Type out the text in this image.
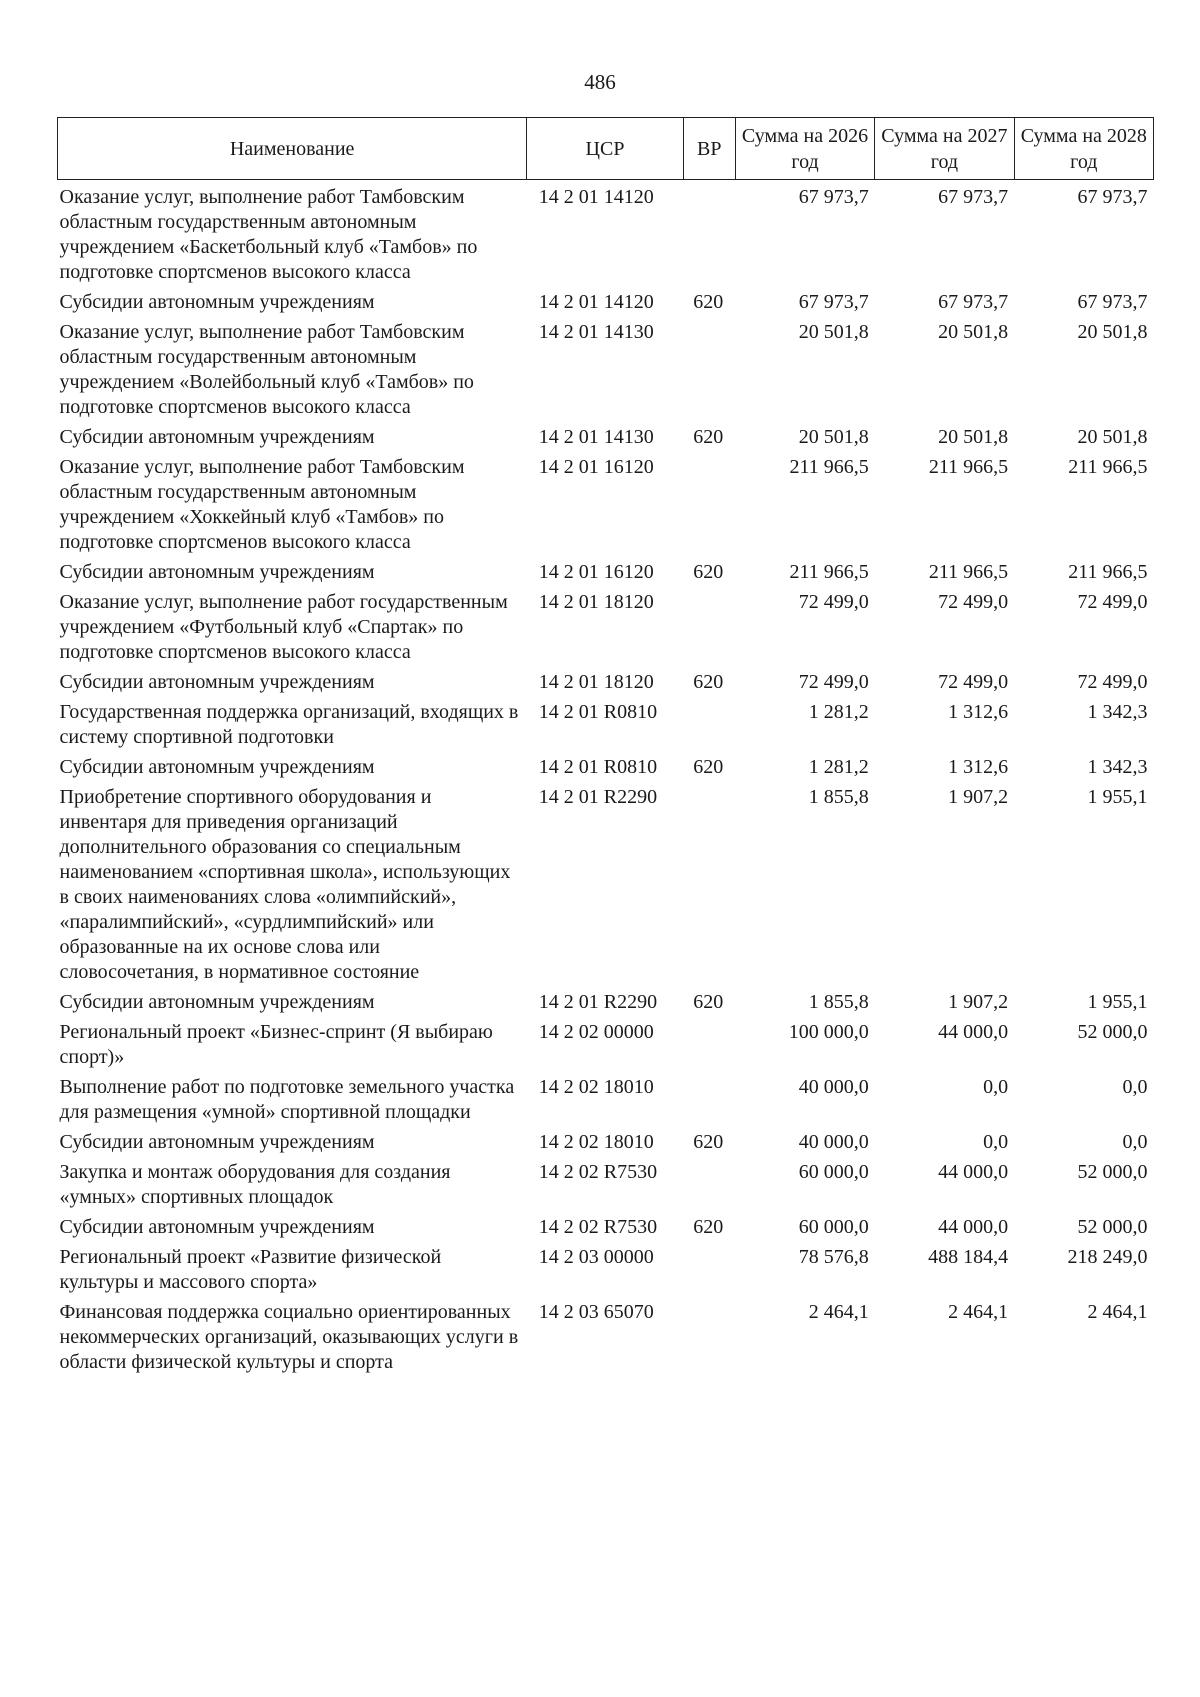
486
Наименование	ЦСР	ВР	Сумма на 2026 год	Сумма на 2027 год	Сумма на 2028 год
Оказание услуг, выполнение работ Тамбовским областным государственным автономным учреждением «Баскетбольный клуб «Тамбов» по подготовке спортсменов высокого класса	14 2 01 14120		67 973,7	67 973,7	67 973,7
Субсидии автономным учреждениям	14 2 01 14120	620	67 973,7	67 973,7	67 973,7
Оказание услуг, выполнение работ Тамбовским областным государственным автономным учреждением «Волейбольный клуб «Тамбов» по подготовке спортсменов высокого класса	14 2 01 14130		20 501,8	20 501,8	20 501,8
Субсидии автономным учреждениям	14 2 01 14130	620	20 501,8	20 501,8	20 501,8
Оказание услуг, выполнение работ Тамбовским областным государственным автономным учреждением «Хоккейный клуб «Тамбов» по подготовке спортсменов высокого класса	14 2 01 16120		211 966,5	211 966,5	211 966,5
Субсидии автономным учреждениям	14 2 01 16120	620	211 966,5	211 966,5	211 966,5
Оказание услуг, выполнение работ государственным учреждением «Футбольный клуб «Спартак» по подготовке спортсменов высокого класса	14 2 01 18120		72 499,0	72 499,0	72 499,0
Субсидии автономным учреждениям	14 2 01 18120	620	72 499,0	72 499,0	72 499,0
Государственная поддержка организаций, входящих в систему спортивной подготовки	14 2 01 R0810		1 281,2	1 312,6	1 342,3
Субсидии автономным учреждениям	14 2 01 R0810	620	1 281,2	1 312,6	1 342,3
Приобретение спортивного оборудования и инвентаря для приведения организаций дополнительного образования со специальным наименованием «спортивная школа», использующих в своих наименованиях слова «олимпийский», «паралимпийский», «сурдлимпийский» или образованные на их основе слова или словосочетания, в нормативное состояние	14 2 01 R2290		1 855,8	1 907,2	1 955,1
Субсидии автономным учреждениям	14 2 01 R2290	620	1 855,8	1 907,2	1 955,1
Региональный проект «Бизнес-спринт (Я выбираю спорт)»	14 2 02 00000		100 000,0	44 000,0	52 000,0
Выполнение работ по подготовке земельного участка для размещения «умной» спортивной площадки	14 2 02 18010		40 000,0	0,0	0,0
Субсидии автономным учреждениям	14 2 02 18010	620	40 000,0	0,0	0,0
Закупка и монтаж оборудования для создания «умных» спортивных площадок	14 2 02 R7530		60 000,0	44 000,0	52 000,0
Субсидии автономным учреждениям	14 2 02 R7530	620	60 000,0	44 000,0	52 000,0
Региональный проект «Развитие физической культуры и массового спорта»	14 2 03 00000		78 576,8	488 184,4	218 249,0
Финансовая поддержка социально ориентированных некоммерческих организаций, оказывающих услуги в области физической культуры и спорта	14 2 03 65070		2 464,1	2 464,1	2 464,1
